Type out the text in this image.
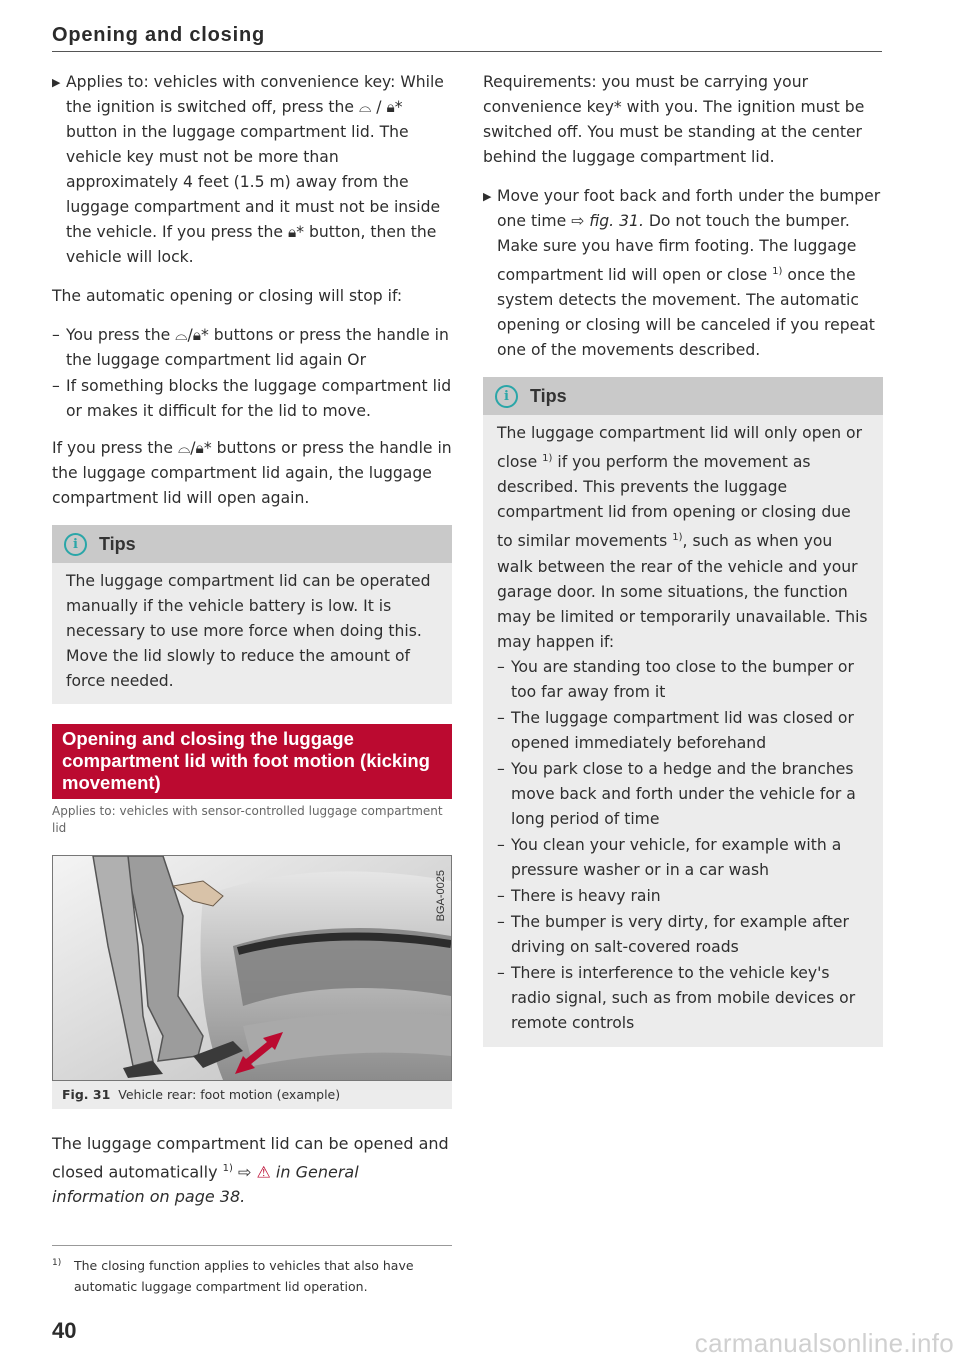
Opening and closing
▶ Applies to: vehicles with convenience key: While the ignition is switched off, press the ⌓ / 🔒︎* button in the luggage compartment lid. The vehicle key must not be more than approximately 4 feet (1.5 m) away from the luggage compartment and it must not be inside the vehicle. If you press the 🔒︎* button, then the vehicle will lock.

The automatic opening or closing will stop if:

– You press the ⌓/🔒︎* buttons or press the handle in the luggage compartment lid again Or
– If something blocks the luggage compartment lid or makes it difficult for the lid to move.

If you press the ⌓/🔒︎* buttons or press the handle in the luggage compartment lid again, the luggage compartment lid will open again.

i	Tips

The luggage compartment lid can be operated manually if the vehicle battery is low. It is necessary to use more force when doing this. Move the lid slowly to reduce the amount of force needed.

Opening and closing the luggage compartment lid with foot motion (kicking movement)
Applies to: vehicles with sensor-controlled luggage compartment lid
BGA-0025
Fig. 31 Vehicle rear: foot motion (example)

The luggage compartment lid can be opened and closed automatically $^{1)}$ ⇨ ⚠ in General information on page 38.

1) The closing function applies to vehicles that also have automatic luggage compartment lid operation.
40

Requirements: you must be carrying your convenience key* with you. The ignition must be switched off. You must be standing at the center behind the luggage compartment lid.

▶ Move your foot back and forth under the bumper one time ⇨ fig. 31. Do not touch the bumper. Make sure you have firm footing. The luggage compartment lid will open or close $^{1)}$ once the system detects the movement. The automatic opening or closing will be canceled if you repeat one of the movements described.
i	Tips

The luggage compartment lid will only open or close $^{1)}$ if you perform the movement as described. This prevents the luggage compartment lid from opening or closing due to similar movements $^{1)}$, such as when you walk between the rear of the vehicle and your garage door. In some situations, the function may be limited or temporarily unavailable. This may happen if:

– You are standing too close to the bumper or too far away from it
– The luggage compartment lid was closed or opened immediately beforehand
– You park close to a hedge and the branches move back and forth under the vehicle for a long period of time
– You clean your vehicle, for example with a pressure washer or in a car wash
– There is heavy rain
– The bumper is very dirty, for example after driving on salt-covered roads
– There is interference to the vehicle key's radio signal, such as from mobile devices or remote controls
carmanualsonline.info
